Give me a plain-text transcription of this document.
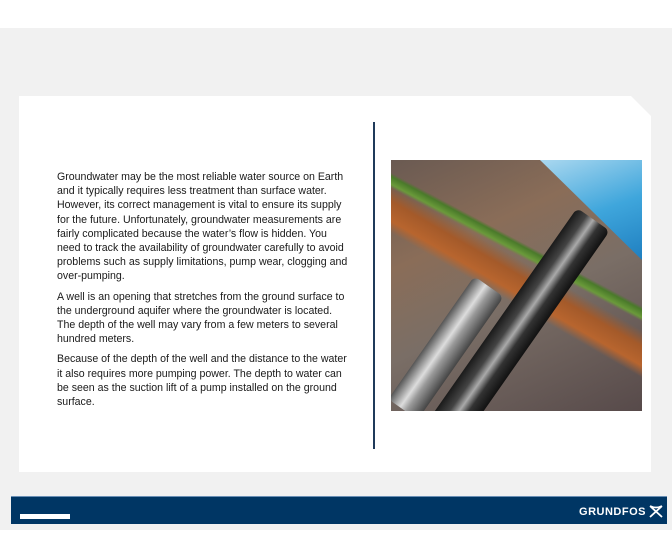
Groundwater may be the most reliable water source on Earth and it typically requires less treatment than surface water. However, its correct management is vital to ensure its supply for the future. Unfortunately, groundwater measurements are fairly complicated because the water’s flow is hidden. You need to track the availability of groundwater carefully to avoid problems such as supply limitations, pump wear, clogging and over-pumping.

A well is an opening that stretches from the ground surface to the underground aquifer where the groundwater is located. The depth of the well may vary from a few meters to several hundred meters.

Because of the depth of the well and the distance to the water it also requires more pumping power. The depth to water can be seen as the suction lift of a pump installed on the ground surface.

GRUNDFOS
